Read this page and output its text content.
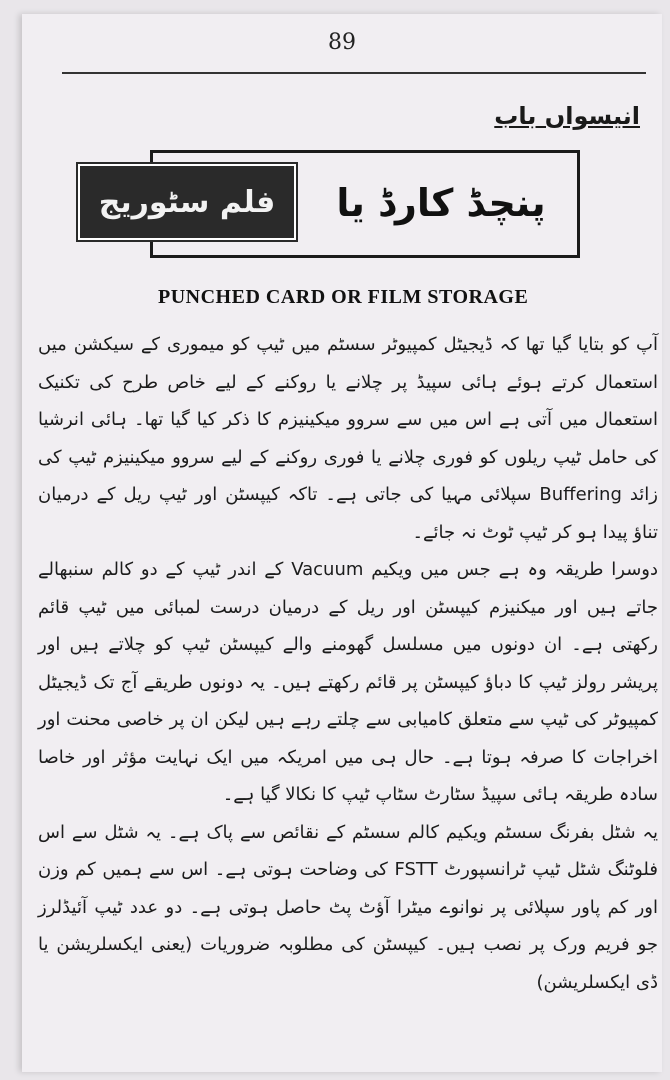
89
انیسواں باب
فلم سٹوریج	پنچڈ کارڈ یا
PUNCHED CARD OR FILM STORAGE

آپ کو بتایا گیا تھا کہ ڈیجیٹل کمپیوٹر سسٹم میں ٹیپ کو میموری کے سیکشن میں استعمال کرتے ہوئے ہائی سپیڈ پر چلانے یا روکنے کے لیے خاص طرح کی تکنیک استعمال میں آتی ہے اس میں سے سروو میکینیزم کا ذکر کیا گیا تھا۔ ہائی انرشیا کی حامل ٹیپ ریلوں کو فوری چلانے یا فوری روکنے کے لیے سروو میکینیزم ٹیپ کی زائد Buffering سپلائی مہیا کی جاتی ہے۔ تاکہ کیپسٹن اور ٹیپ ریل کے درمیان تناؤ پیدا ہو کر ٹیپ ٹوٹ نہ جائے۔

دوسرا طریقہ وہ ہے جس میں ویکیم Vacuum کے اندر ٹیپ کے دو کالم سنبھالے جاتے ہیں اور میکنیزم کیپسٹن اور ریل کے درمیان درست لمبائی میں ٹیپ قائم رکھتی ہے۔ ان دونوں میں مسلسل گھومنے والے کیپسٹن ٹیپ کو چلاتے ہیں اور پریشر رولز ٹیپ کا دباؤ کیپسٹن پر قائم رکھتے ہیں۔ یہ دونوں طریقے آج تک ڈیجیٹل کمپیوٹر کی ٹیپ سے متعلق کامیابی سے چلتے رہے ہیں لیکن ان پر خاصی محنت اور اخراجات کا صرفہ ہوتا ہے۔ حال ہی میں امریکہ میں ایک نہایت مؤثر اور خاصا سادہ طریقہ ہائی سپیڈ سٹارٹ سٹاپ ٹیپ کا نکالا گیا ہے۔

یہ شٹل بفرنگ سسٹم ویکیم کالم سسٹم کے نقائص سے پاک ہے۔ یہ شٹل سے اس فلوٹنگ شٹل ٹیپ ٹرانسپورٹ FSTT کی وضاحت ہوتی ہے۔ اس سے ہمیں کم وزن اور کم پاور سپلائی پر نوانوے میٹرا آؤٹ پٹ حاصل ہوتی ہے۔ دو عدد ٹیپ آئیڈلرز جو فریم ورک پر نصب ہیں۔ کیپسٹن کی مطلوبہ ضروریات (یعنی ایکسلریشن یا ڈی ایکسلریشن)
